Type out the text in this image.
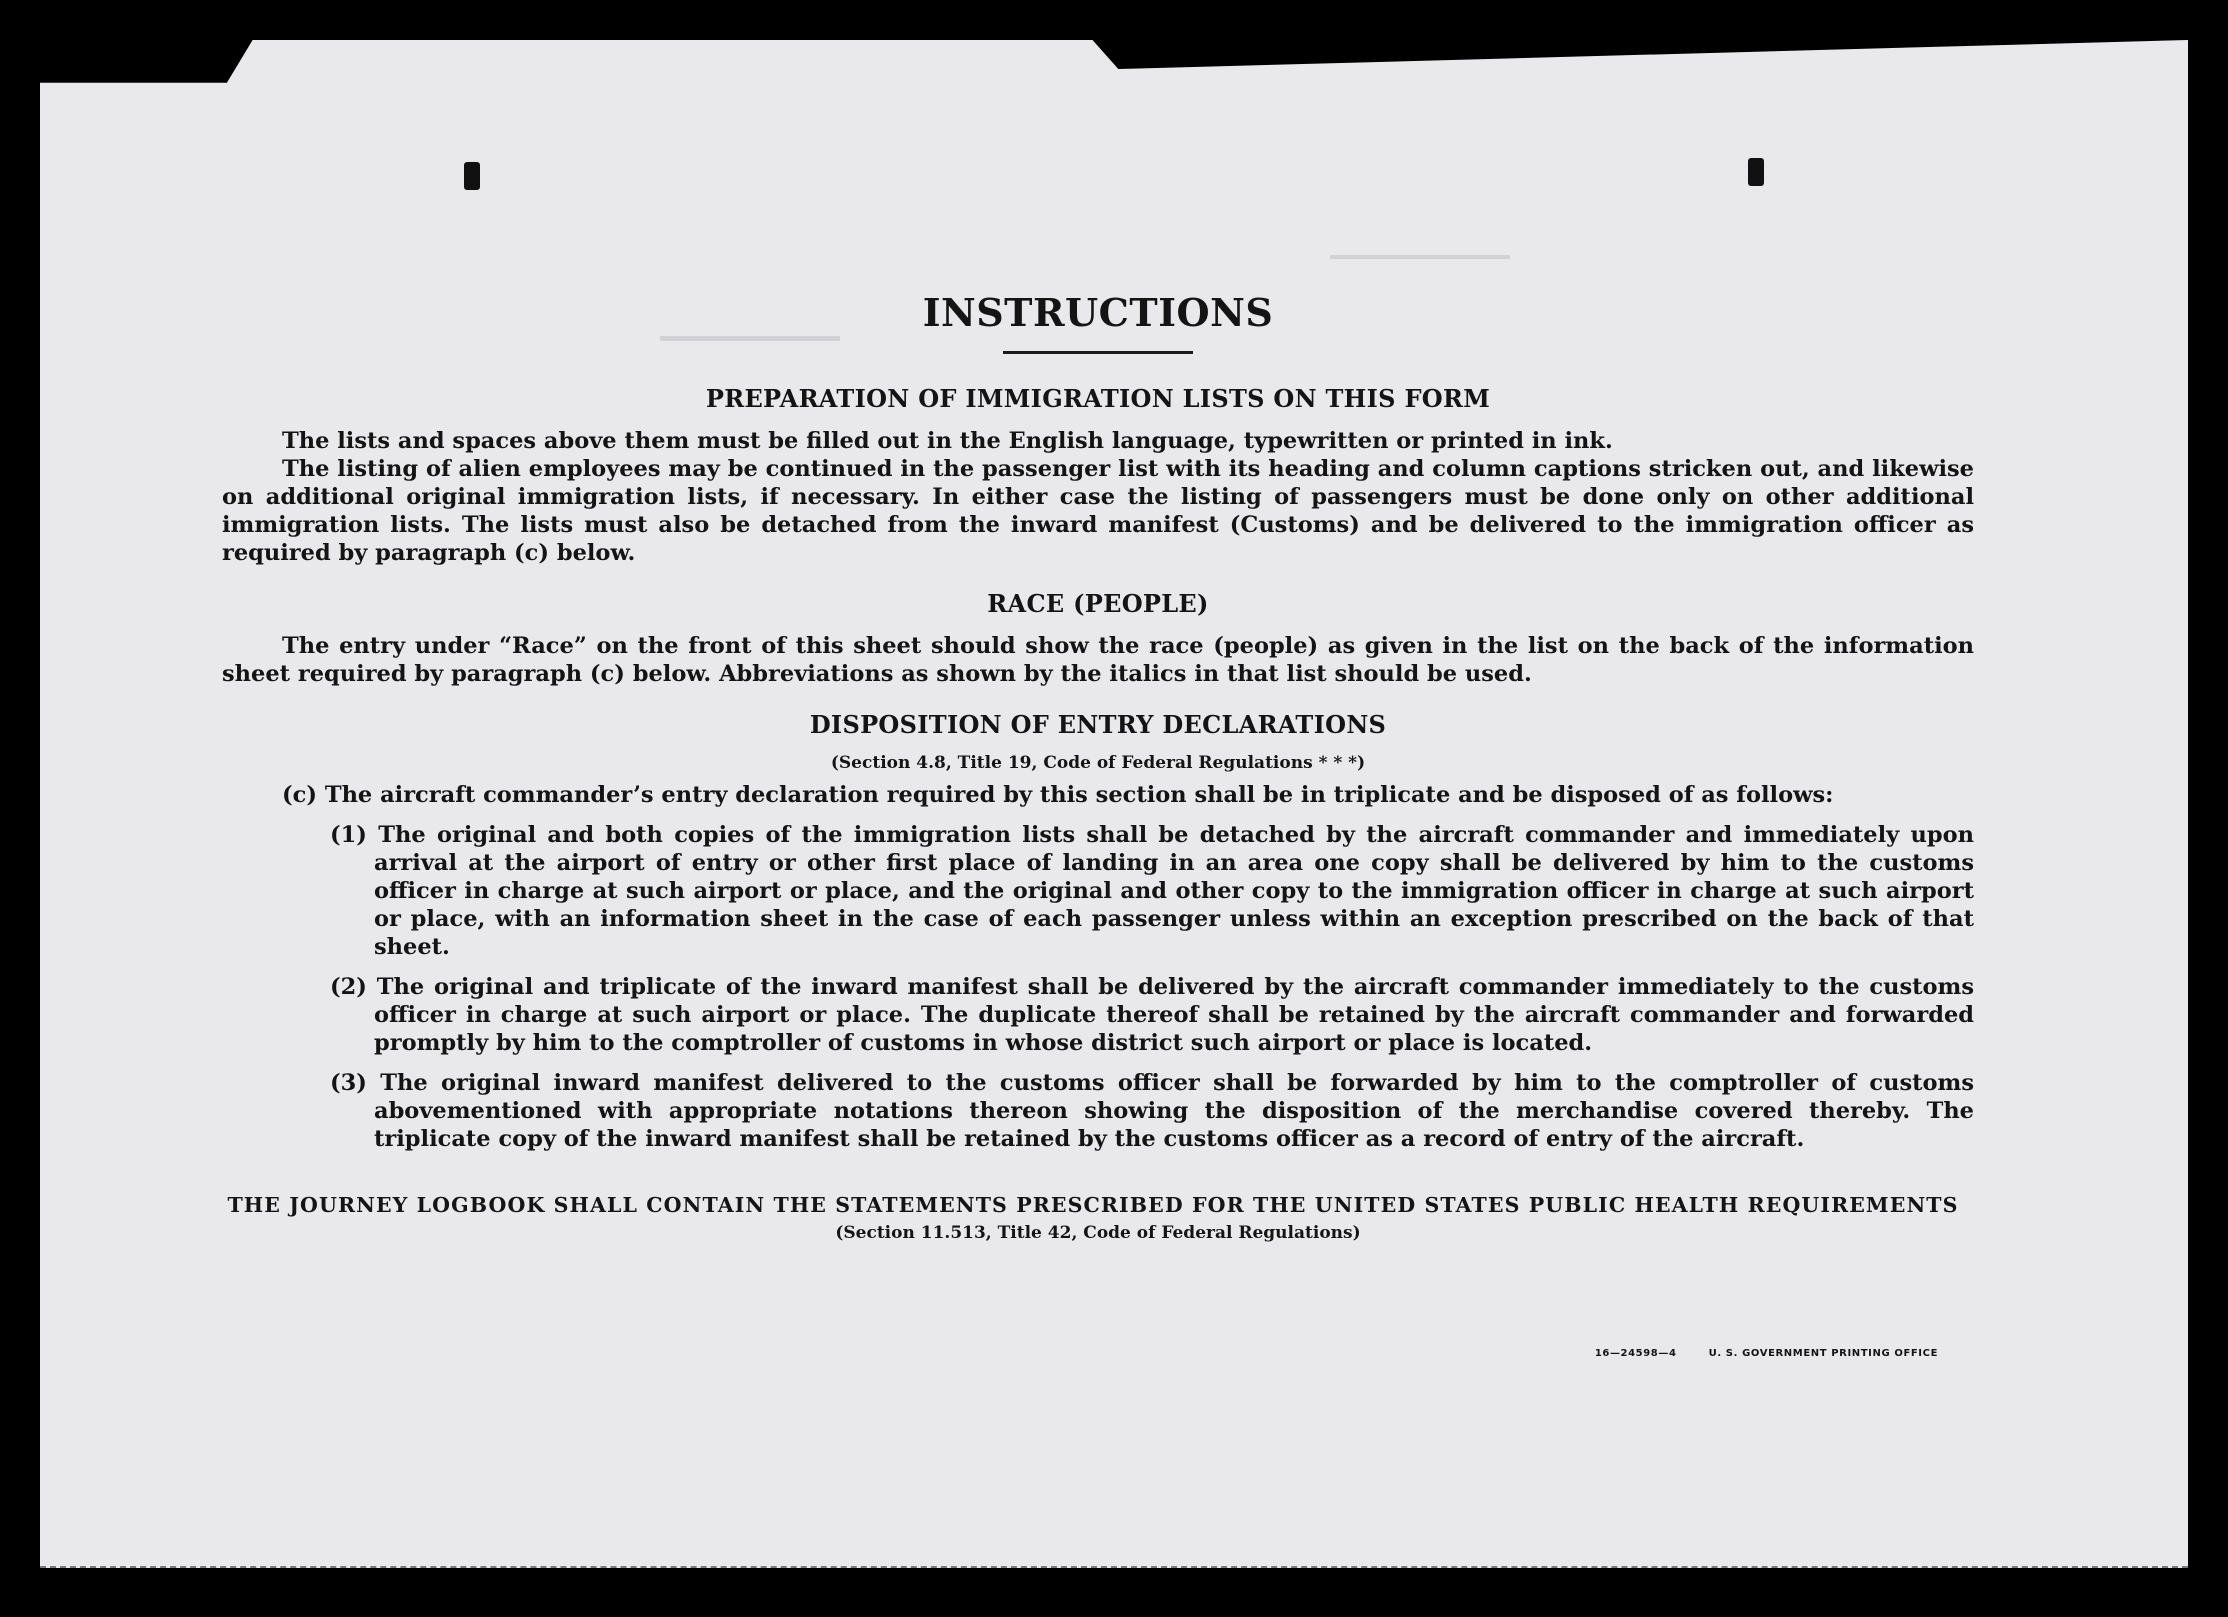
INSTRUCTIONS
PREPARATION OF IMMIGRATION LISTS ON THIS FORM

The lists and spaces above them must be filled out in the English language, typewritten or printed in ink.

The listing of alien employees may be continued in the passenger list with its heading and column captions stricken out, and likewise on additional original immigration lists, if necessary. In either case the listing of passengers must be done only on other additional immigration lists. The lists must also be detached from the inward manifest (Customs) and be delivered to the immigration officer as required by paragraph (c) below.

RACE (PEOPLE)

The entry under “Race” on the front of this sheet should show the race (people) as given in the list on the back of the information sheet required by paragraph (c) below. Abbreviations as shown by the italics in that list should be used.

DISPOSITION OF ENTRY DECLARATIONS
(Section 4.8, Title 19, Code of Federal Regulations * * *)

(c) The aircraft commander’s entry declaration required by this section shall be in triplicate and be disposed of as follows:

(1) The original and both copies of the immigration lists shall be detached by the aircraft commander and immediately upon arrival at the airport of entry or other first place of landing in an area one copy shall be delivered by him to the customs officer in charge at such airport or place, and the original and other copy to the immigration officer in charge at such airport or place, with an information sheet in the case of each passenger unless within an exception prescribed on the back of that sheet.
(2) The original and triplicate of the inward manifest shall be delivered by the aircraft commander immediately to the customs officer in charge at such airport or place. The duplicate thereof shall be retained by the aircraft commander and forwarded promptly by him to the comptroller of customs in whose district such airport or place is located.
(3) The original inward manifest delivered to the customs officer shall be forwarded by him to the comptroller of customs abovementioned with appropriate notations thereon showing the disposition of the merchandise covered thereby. The triplicate copy of the inward manifest shall be retained by the customs officer as a record of entry of the aircraft.
THE JOURNEY LOGBOOK SHALL CONTAIN THE STATEMENTS PRESCRIBED FOR THE UNITED STATES PUBLIC HEALTH REQUIREMENTS
(Section 11.513, Title 42, Code of Federal Regulations)
16—24598—4	U. S. GOVERNMENT PRINTING OFFICE
